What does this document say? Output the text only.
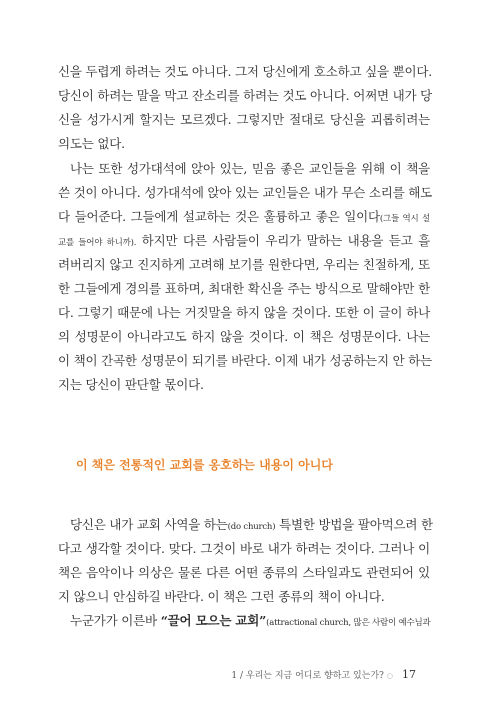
신을 두렵게 하려는 것도 아니다. 그저 당신에게 호소하고 싶을 뿐이다.
당신이 하려는 말을 막고 잔소리를 하려는 것도 아니다. 어쩌면 내가 당
신을 성가시게 할지는 모르겠다. 그렇지만 절대로 당신을 괴롭히려는
의도는 없다.
나는 또한 성가대석에 앉아 있는, 믿음 좋은 교인들을 위해 이 책을
쓴 것이 아니다. 성가대석에 앉아 있는 교인들은 내가 무슨 소리를 해도
다 들어준다. 그들에게 설교하는 것은 훌륭하고 좋은 일이다(그들 역시 설
교를 들어야 하니까). 하지만 다른 사람들이 우리가 말하는 내용을 듣고 흘
려버리지 않고 진지하게 고려해 보기를 원한다면, 우리는 친절하게, 또
한 그들에게 경의를 표하며, 최대한 확신을 주는 방식으로 말해야만 한
다. 그렇기 때문에 나는 거짓말을 하지 않을 것이다. 또한 이 글이 하나
의 성명문이 아니라고도 하지 않을 것이다. 이 책은 성명문이다. 나는
이 책이 간곡한 성명문이 되기를 바란다. 이제 내가 성공하는지 안 하는
지는 당신이 판단할 몫이다.
이 책은 전통적인 교회를 옹호하는 내용이 아니다
당신은 내가 교회 사역을 하는(do church) 특별한 방법을 팔아먹으려 한
다고 생각할 것이다. 맞다. 그것이 바로 내가 하려는 것이다. 그러나 이
책은 음악이나 의상은 물론 다른 어떤 종류의 스타일과도 관련되어 있
지 않으니 안심하길 바란다. 이 책은 그런 종류의 책이 아니다.
누군가가 이른바 “끌어 모으는 교회”(attractional church, 많은 사람이 예수님과
1 / 우리는 지금 어디로 향하고 있는가? ○ 17
